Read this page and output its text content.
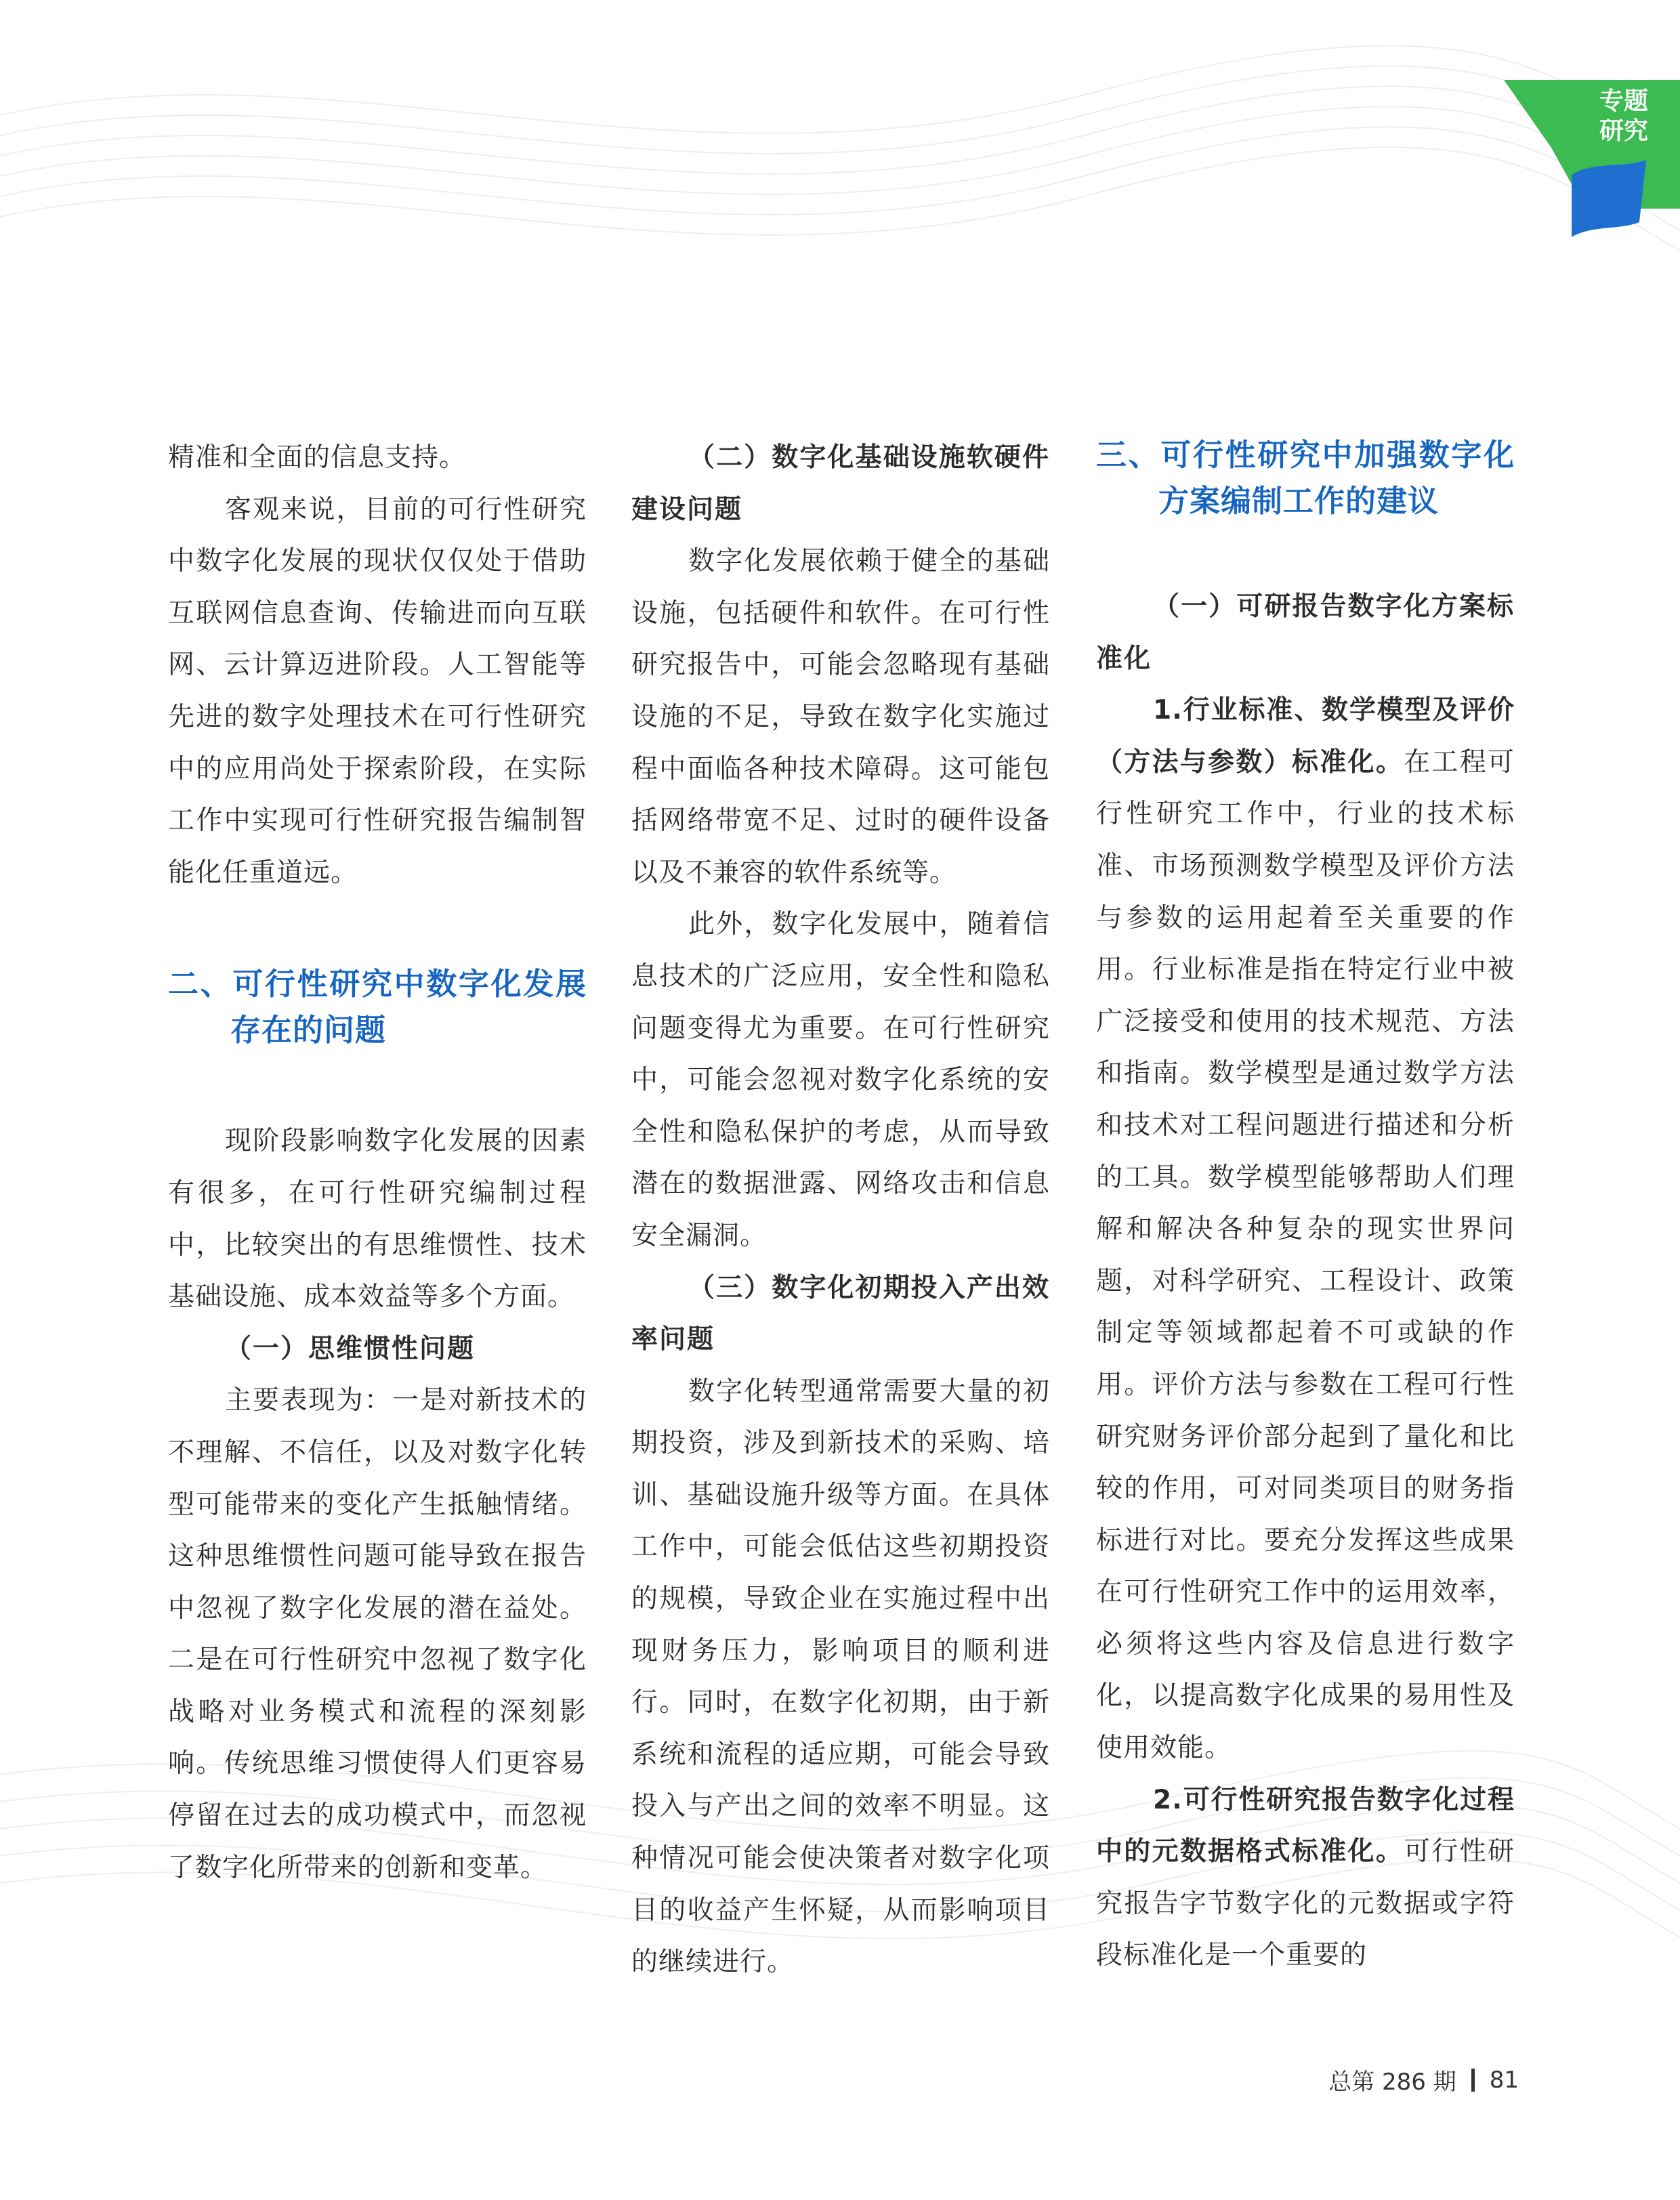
专题研究

精准和全面的信息支持。

客观来说，目前的可行性研究中数字化发展的现状仅仅处于借助互联网信息查询、传输进而向互联网、云计算迈进阶段。人工智能等先进的数字处理技术在可行性研究中的应用尚处于探索阶段，在实际工作中实现可行性研究报告编制智能化任重道远。

二、可行性研究中数字化发展存在的问题

现阶段影响数字化发展的因素有很多，在可行性研究编制过程中，比较突出的有思维惯性、技术基础设施、成本效益等多个方面。

（一）思维惯性问题

主要表现为：一是对新技术的不理解、不信任，以及对数字化转型可能带来的变化产生抵触情绪。这种思维惯性问题可能导致在报告中忽视了数字化发展的潜在益处。二是在可行性研究中忽视了数字化战略对业务模式和流程的深刻影响。传统思维习惯使得人们更容易停留在过去的成功模式中，而忽视了数字化所带来的创新和变革。

（二）数字化基础设施软硬件建设问题

数字化发展依赖于健全的基础设施，包括硬件和软件。在可行性研究报告中，可能会忽略现有基础设施的不足，导致在数字化实施过程中面临各种技术障碍。这可能包括网络带宽不足、过时的硬件设备以及不兼容的软件系统等。

此外，数字化发展中，随着信息技术的广泛应用，安全性和隐私问题变得尤为重要。在可行性研究中，可能会忽视对数字化系统的安全性和隐私保护的考虑，从而导致潜在的数据泄露、网络攻击和信息安全漏洞。

（三）数字化初期投入产出效率问题

数字化转型通常需要大量的初期投资，涉及到新技术的采购、培训、基础设施升级等方面。在具体工作中，可能会低估这些初期投资的规模，导致企业在实施过程中出现财务压力，影响项目的顺利进行。同时，在数字化初期，由于新系统和流程的适应期，可能会导致投入与产出之间的效率不明显。这种情况可能会使决策者对数字化项目的收益产生怀疑，从而影响项目的继续进行。

三、可行性研究中加强数字化方案编制工作的建议

（一）可研报告数字化方案标准化

1.行业标准、数学模型及评价（方法与参数）标准化。在工程可行性研究工作中，行业的技术标准、市场预测数学模型及评价方法与参数的运用起着至关重要的作用。行业标准是指在特定行业中被广泛接受和使用的技术规范、方法和指南。数学模型是通过数学方法和技术对工程问题进行描述和分析的工具。数学模型能够帮助人们理解和解决各种复杂的现实世界问题，对科学研究、工程设计、政策制定等领域都起着不可或缺的作用。评价方法与参数在工程可行性研究财务评价部分起到了量化和比较的作用，可对同类项目的财务指标进行对比。要充分发挥这些成果在可行性研究工作中的运用效率，必须将这些内容及信息进行数字化，以提高数字化成果的易用性及使用效能。

2.可行性研究报告数字化过程中的元数据格式标准化。可行性研究报告字节数字化的元数据或字符段标准化是一个重要的

总第 286 期 81
